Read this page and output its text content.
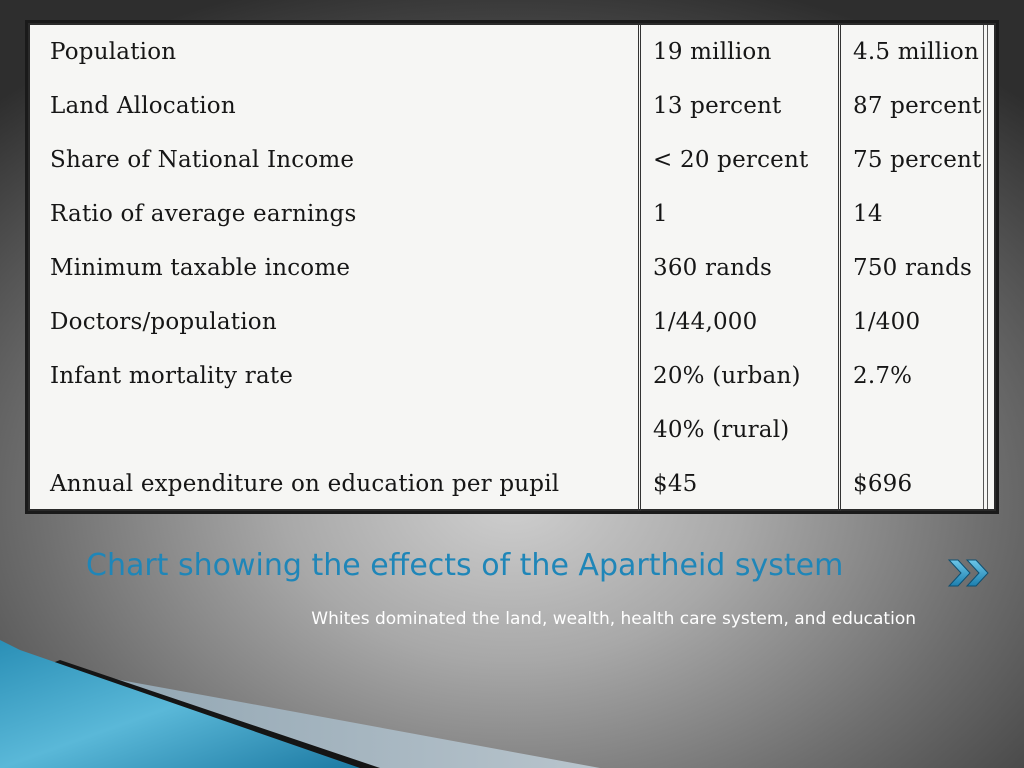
Population	19 million	4.5 million
Land Allocation	13 percent	87 percent
Share of National Income	< 20 percent	75 percent
Ratio of average earnings	1	14
Minimum taxable income	360 rands	750 rands
Doctors/population	1/44,000	1/400
Infant mortality rate	20% (urban)	2.7%
	40% (rural)	
Annual expenditure on education per pupil	$45	$696
Chart showing the effects of the Apartheid system

Whites dominated the land, wealth, health care system, and education
